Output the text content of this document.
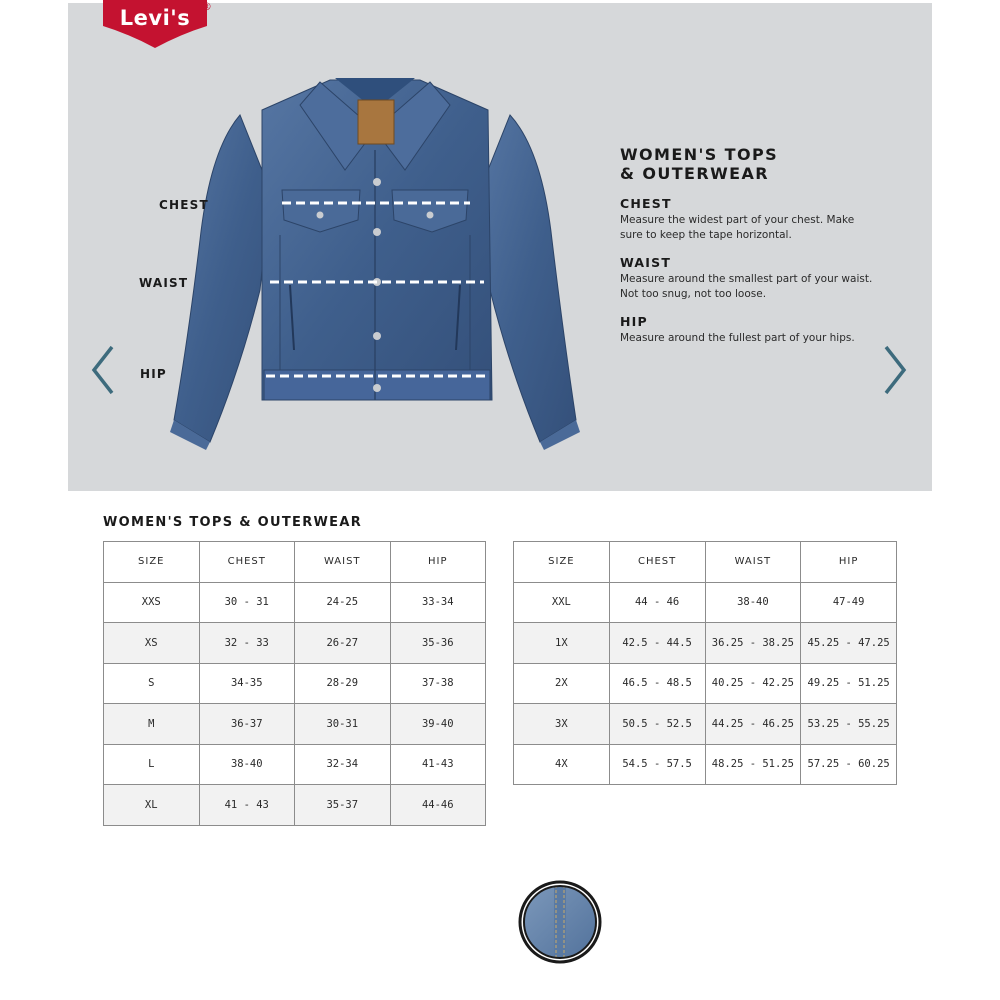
Levi's ®
CHEST
WAIST
HIP
WOMEN'S TOPS
& OUTERWEAR
CHEST
Measure the widest part of your chest. Make sure to keep the tape horizontal.
WAIST
Measure around the smallest part of your waist. Not too snug, not too loose.
HIP
Measure around the fullest part of your hips.
WOMEN'S TOPS & OUTERWEAR
SIZE	CHEST	WAIST	HIP
XXS	30 - 31	24-25	33-34
XS	32 - 33	26-27	35-36
S	34-35	28-29	37-38
M	36-37	30-31	39-40
L	38-40	32-34	41-43
XL	41 - 43	35-37	44-46
SIZE	CHEST	WAIST	HIP
XXL	44 - 46	38-40	47-49
1X	42.5 - 44.5	36.25 - 38.25	45.25 - 47.25
2X	46.5 - 48.5	40.25 - 42.25	49.25 - 51.25
3X	50.5 - 52.5	44.25 - 46.25	53.25 - 55.25
4X	54.5 - 57.5	48.25 - 51.25	57.25 - 60.25
